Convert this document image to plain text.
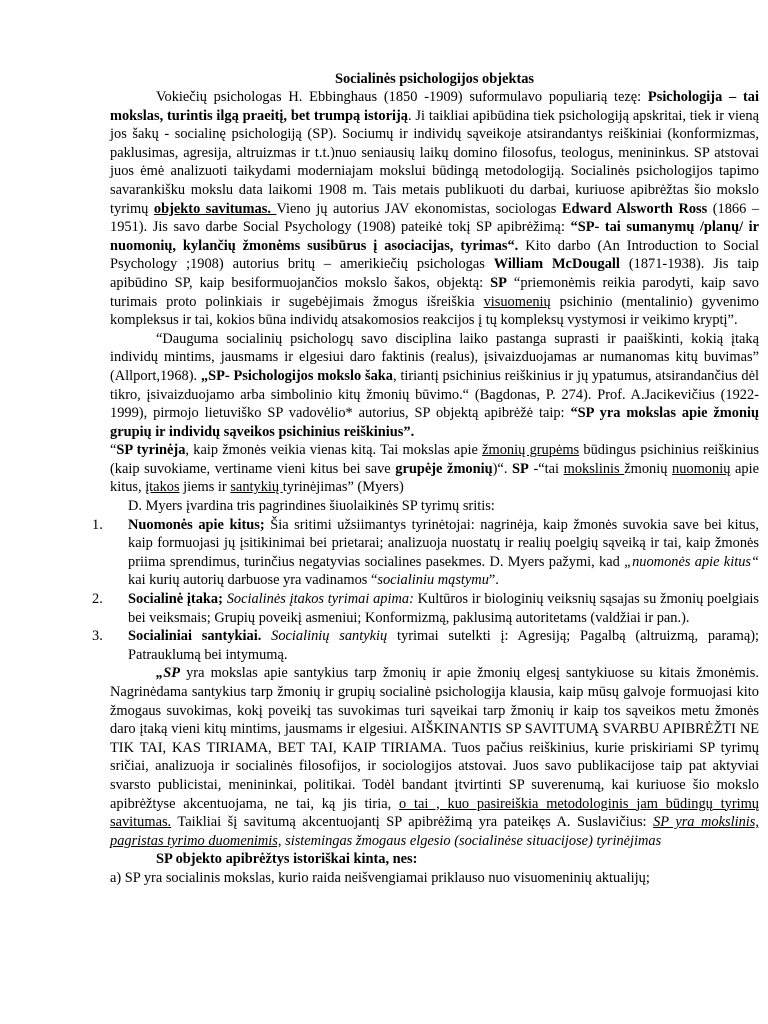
Socialinės psichologijos objektas

Vokiečių psichologas H. Ebbinghaus (1850 -1909) suformulavo populiarią tezę: Psichologija – tai mokslas, turintis ilgą praeitį, bet trumpą istoriją. Ji taikliai apibūdina tiek psichologiją apskritai, tiek ir vieną jos šakų - socialinę psichologiją (SP). Sociumų ir individų sąveikoje atsirandantys reiškiniai (konformizmas, paklusimas, agresija, altruizmas ir t.t.)nuo seniausių laikų domino filosofus, teologus, menininkus. SP atstovai juos ėmė analizuoti taikydami moderniajam mokslui būdingą metodologiją. Socialinės psichologijos tapimo savarankišku mokslu data laikomi 1908 m. Tais metais publikuoti du darbai, kuriuose apibrėžtas šio mokslo tyrimų objekto savitumas. Vieno jų autorius JAV ekonomistas, sociologas Edward Alsworth Ross (1866 –1951). Jis savo darbe Social Psychology (1908) pateikė tokį SP apibrėžimą: “SP- tai sumanymų /planų/ ir nuomonių, kylančių žmonėms susibūrus į asociacijas, tyrimas“. Kito darbo (An Introduction to Social Psychology ;1908) autorius britų – amerikiečių psichologas William McDougall (1871-1938). Jis taip apibūdino SP, kaip besiformuojančios mokslo šakos, objektą: SP “priemonėmis reikia parodyti, kaip savo turimais proto polinkiais ir sugebėjimais žmogus išreiškia visuomenių psichinio (mentalinio) gyvenimo kompleksus ir tai, kokios būna individų atsakomosios reakcijos į tų kompleksų vystymosi ir veikimo kryptį”.

“Dauguma socialinių psichologų savo disciplina laiko pastanga suprasti ir paaiškinti, kokią įtaką individų mintims, jausmams ir elgesiui daro faktinis (realus), įsivaizduojamas ar numanomas kitų buvimas” (Allport,1968). „SP- Psichologijos mokslo šaka, tiriantį psichinius reiškinius ir jų ypatumus, atsirandančius dėl tikro, įsivaizduojamo arba simbolinio kitų žmonių būvimo.“ (Bagdonas, P. 274). Prof. A.Jacikevičius (1922-1999), pirmojo lietuviško SP vadovėlio* autorius, SP objektą apibrėžė taip: “SP yra mokslas apie žmonių grupių ir individų sąveikos psichinius reiškinius”.

“SP tyrinėja, kaip žmonės veikia vienas kitą. Tai mokslas apie žmonių grupėms būdingus psichinius reiškinius (kaip suvokiame, vertiname vieni kitus bei save grupėje žmonių)“. SP -“tai mokslinis žmonių nuomonių apie kitus, įtakos jiems ir santykių tyrinėjimas” (Myers)

D. Myers įvardina tris pagrindines šiuolaikinės SP tyrimų sritis:

1.	Nuomonės apie kitus; Šia sritimi užsiimantys tyrinėtojai: nagrinėja, kaip žmonės suvokia save bei kitus, kaip formuojasi jų įsitikinimai bei prietarai; analizuoja nuostatų ir realių poelgių sąveiką ir tai, kaip žmonės priima sprendimus, turinčius negatyvias socialines pasekmes. D. Myers pažymi, kad „nuomonės apie kitus“ kai kurių autorių darbuose yra vadinamos “socialiniu mąstymu”.
2.	Socialinė įtaka; Socialinės įtakos tyrimai apima: Kultūros ir biologinių veiksnių sąsajas su žmonių poelgiais bei veiksmais; Grupių poveikį asmeniui; Konformizmą, paklusimą autoritetams (valdžiai ir pan.).
3.	Socialiniai santykiai. Socialinių santykių tyrimai sutelkti į: Agresiją; Pagalbą (altruizmą, paramą); Patrauklumą bei intymumą.

„SP yra mokslas apie santykius tarp žmonių ir apie žmonių elgesį santykiuose su kitais žmonėmis. Nagrinėdama santykius tarp žmonių ir grupių socialinė psichologija klausia, kaip mūsų galvoje formuojasi kito žmogaus suvokimas, kokį poveikį tas suvokimas turi sąveikai tarp žmonių ir kaip tos sąveikos metu žmonės daro įtaką vieni kitų mintims, jausmams ir elgesiui. AIŠKINANTIS SP SAVITUMĄ SVARBU APIBRĖŽTI NE TIK TAI, KAS TIRIAMA, BET TAI, KAIP TIRIAMA. Tuos pačius reiškinius, kurie priskiriami SP tyrimų sričiai, analizuoja ir socialinės filosofijos, ir sociologijos atstovai. Juos savo publikacijose taip pat aktyviai svarsto publicistai, menininkai, politikai. Todėl bandant įtvirtinti SP suverenumą, kai kuriuose šio mokslo apibrėžtyse akcentuojama, ne tai, ką jis tiria, o tai , kuo pasireiškia metodologinis jam būdingų tyrimų savitumas. Taikliai šį savitumą akcentuojantį SP apibrėžimą yra pateikęs A. Suslavičius: SP yra mokslinis, pagristas tyrimo duomenimis, sistemingas žmogaus elgesio (socialinėse situacijose) tyrinėjimas

SP objekto apibrėžtys istoriškai kinta, nes:

a) SP yra socialinis mokslas, kurio raida neišvengiamai priklauso nuo visuomeninių aktualijų;
